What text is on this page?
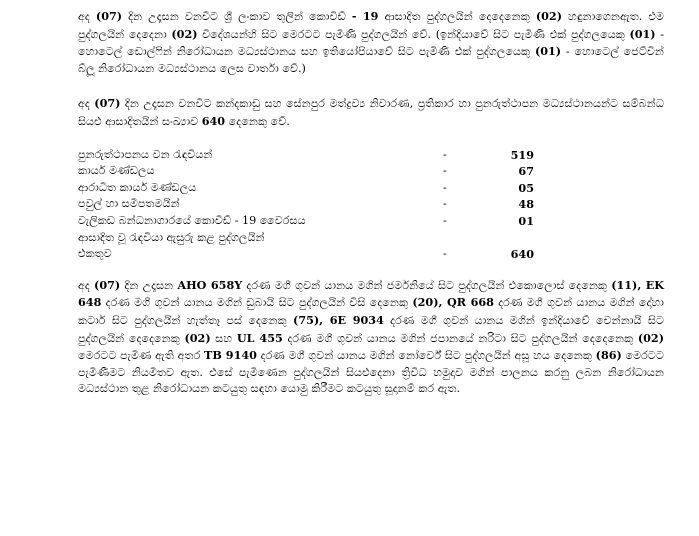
අද (07) දින උදෑසන වනවිට ශ්‍රී ලංකාව තුලින් කොවිඩ් - 19 ආසාදිත පුද්ගලයින් දෙදෙනෙකු (02) හඳුනාගෙනඇත. එම පුද්ගලයින් දෙදෙනා (02) විදේශයන්හි සිට මෙරටට පැමිණි පුද්ගලයින් වේ. (ඉන්දියාවේ සිට පැමිණි එක් පුද්ගලයෙකු (01) - හොටෙල් ඩොල්ෆින් නිරෝධායන මධ්‍යස්ථානය සහ ඉතියෝපියාවේ සිට පැමිණි එක් පුද්ගලයෙකු (01) - හොටෙල් ජෙට්වින් බ්ලූ නිරෝධායන මධ්‍යස්ථානය ලෙස වාර්තා වේ.)

අද (07) දින උදෑසන වනවිට කන්දකාඩු සහ සේනපුර මත්ද්‍රව්‍ය නිවාරණ, ප්‍රතිකාර හා පුනරුත්ථාපන මධ්‍යස්ථානයන්ට සම්බන්ධ සියළු ආසාදිතයින් සංඛ්‍යාව 640 දෙනෙකු වේ.

පුනරුත්ථාපනය වන රැඳවියන්	-	519	
කාර්ය මණ්ඩලය	-	67	
ආරාධිත කාර්ය මණ්ඩලය	-	05	
පවුල් හා සමීපතමයින්	-	48	
වැලිකඩ බන්ධනාගාරයේ කොවිඩ් - 19 වෛරසය	-	01	
ආසාදිත වූ රැඳවියා ඇසුරු කළ පුද්ගලයින්			
එකතුව	-	640	

අද (07) දින උදෑසන AHO 658Y දරණ මගී ගුවන් යානය මගින් ජර්මනියේ සිට පුද්ගලයින් එකොලොස් දෙනෙකු (11), EK 648 දරණ මගී ගුවන් යානය මගින් ඩුබායි සිට පුද්ගලයින් විසි දෙනෙකු (20), QR 668 දරණ මගී ගුවන් යානය මගින් දෝහා කටාර් සිට පුද්ගලයින් හැත්තෑ පස් දෙනෙකු (75), 6E 9034 දරණ මගී ගුවන් යානය මගින් ඉන්දියාවේ චෙන්නායි සිට පුද්ගලයින් දෙදෙනෙකු (02) සහ UL 455 දරණ මගී ගුවන් යානය මගින් ජපානයේ නරිටා සිට පුද්ගලයින් දෙදෙනෙකු (02) මෙරටට පැමිණ ඇති අතර TB 9140 දරණ මගී ගුවන් යානය මගින් නෝර්වේ සිට පුද්ගලයින් අසූ හය දෙනෙකු (86) මෙරටට පැමිණීමට නියමිතව ඇත. එසේ පැමිණෙන පුද්ගලයින් සියළුදෙනා ත්‍රිවිධ හමුදාව මගින් පාලනය කරනු ලබන නිරෝධායන මධ්‍යස්ථාන තුළ නිරෝධායන කටයුතු සඳහා යොමු කිරීමට කටයුතු සූදානම් කර ඇත.
